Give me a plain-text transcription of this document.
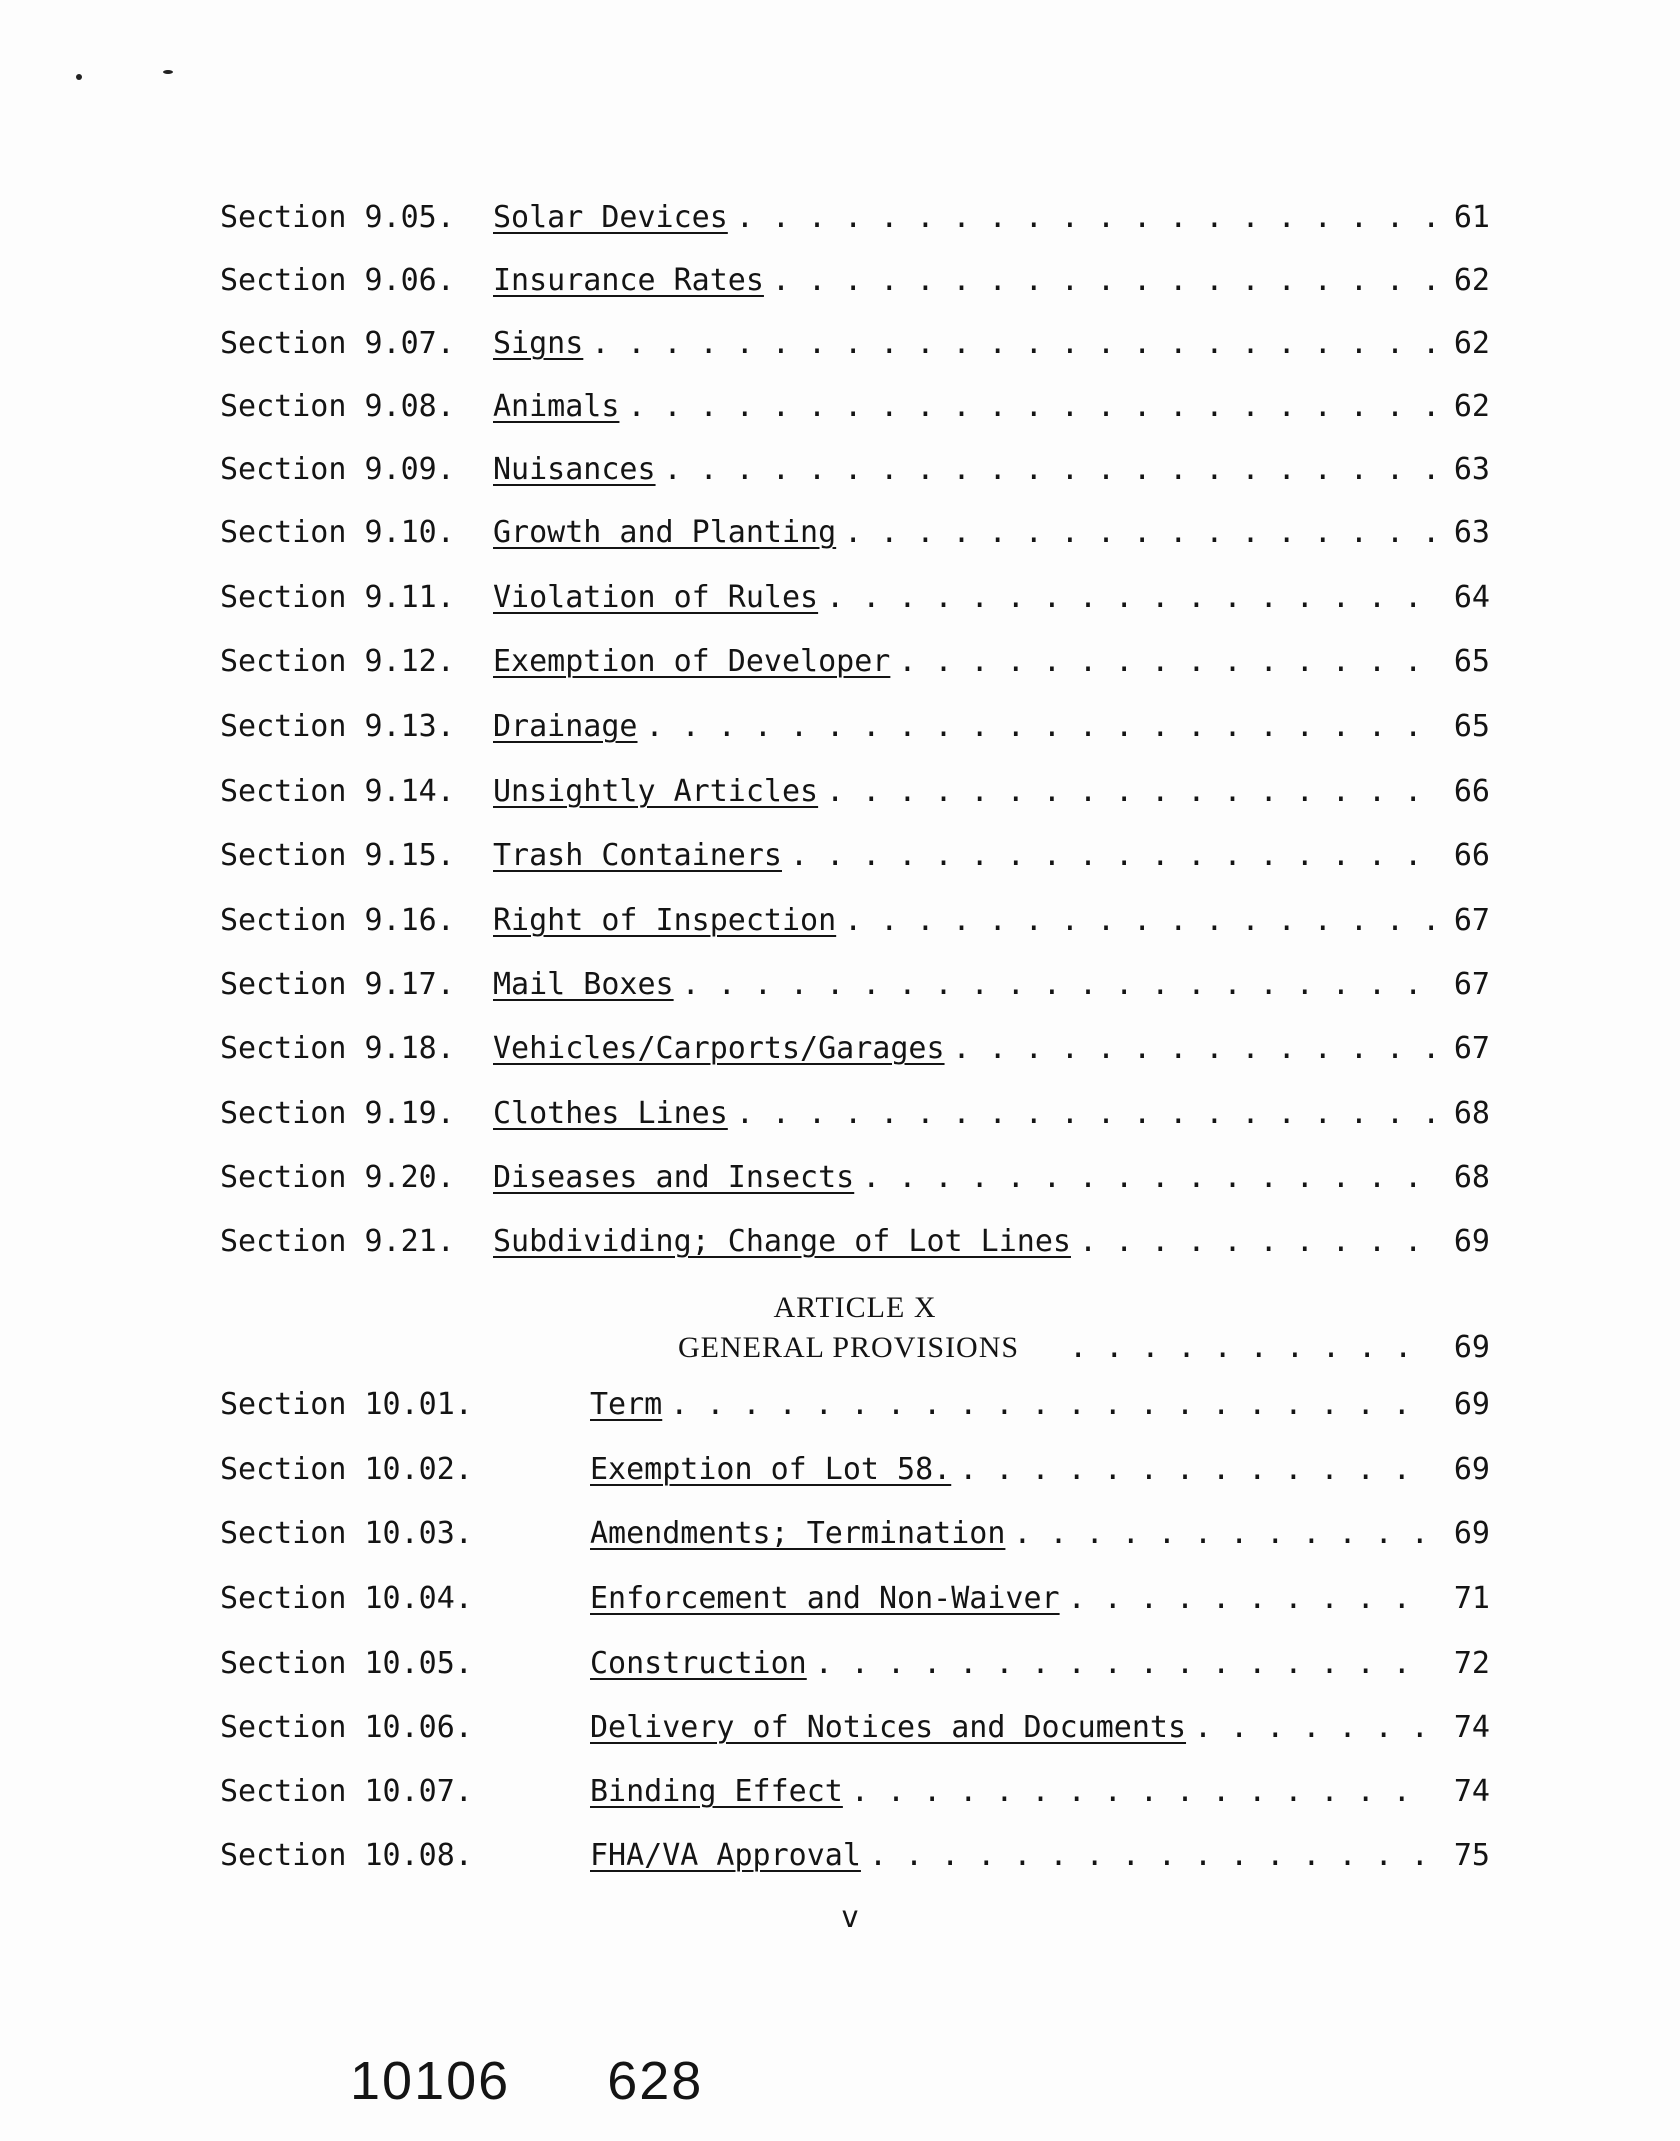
Section 9.05. Solar Devices . . .	61
Section 9.06. Insurance Rates . . .	62
Section 9.07. Signs . . .	62
Section 9.08. Animals . . .	62
Section 9.09. Nuisances . . .	63
Section 9.10. Growth and Planting . . .	63
Section 9.11. Violation of Rules . . .	64
Section 9.12. Exemption of Developer . . .	65
Section 9.13. Drainage . . .	65
Section 9.14. Unsightly Articles . . .	66
Section 9.15. Trash Containers . . .	66
Section 9.16. Right of Inspection . . .	67
Section 9.17. Mail Boxes . . .	67
Section 9.18. Vehicles/Carports/Garages . . .	67
Section 9.19. Clothes Lines . . .	68
Section 9.20. Diseases and Insects . . .	68
Section 9.21. Subdividing; Change of Lot Lines . . .	69
ARTICLE X
GENERAL PROVISIONS . . .	69
Section 10.01.	Term . . .	69
Section 10.02.	Exemption of Lot 58. . . .	69
Section 10.03.	Amendments; Termination . . .	69
Section 10.04.	Enforcement and Non-Waiver . . .	71
Section 10.05.	Construction . . .	72
Section 10.06.	Delivery of Notices and Documents . . .	74
Section 10.07.	Binding Effect . . .	74
Section 10.08.	FHA/VA Approval . . .	75
v
10106 628
